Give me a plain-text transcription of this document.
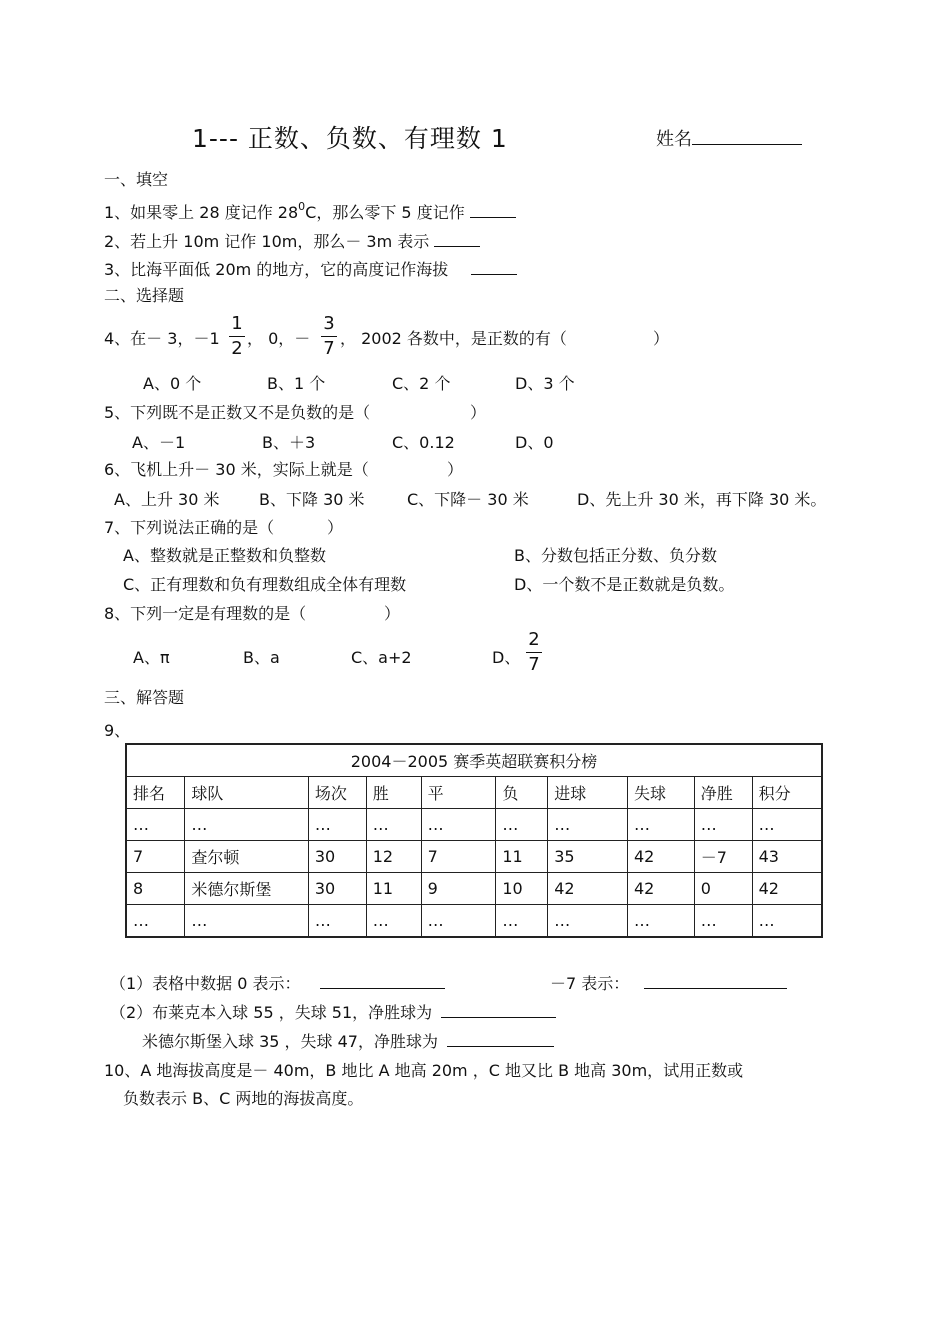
1--- 正数、负数、有理数 1	姓名
一、填空
1、如果零上 28 度记作 $28^0C$，那么零下 5 度记作
2、若上升 10m 记作 10m，那么－ 3m 表示
3、比海平面低 20m 的地方，它的高度记作海拔
二、选择题
4、在－ 3，－1
1
2 ， 0，－
3
7 ， 2002 各数中，是正数的有（	）
A、0 个	B、1 个	C、2 个	D、3 个
5、下列既不是正数又不是负数的是（	）
A、－1	B、＋3	C、0.12	D、0
6、飞机上升－ 30 米，实际上就是（	）
A、上升 30 米 B、下降 30 米	C、下降－ 30 米	D、先上升 30 米，再下降 30 米。
7、下列说法正确的是（	）
A、整数就是正整数和负整数	B、分数包括正分数、负分数
C、正有理数和负有理数组成全体有理数	D、一个数不是正数就是负数。
8、下列一定是有理数的是（	）
A、π	B、a	C、a+2	D、
2
7
三、解答题
9、
2004－2005 赛季英超联赛积分榜									
排名	球队	场次	胜	平	负	进球	失球	净胜	积分
…	…	…	…	…	…	…	…	…	…
7	查尔顿	30	12	7	11	35	42	－7	43
8	米德尔斯堡	30	11	9	10	42	42	0	42
…	…	…	…	…	…	…	…	…	…
（1）表格中数据 0 表示：	－7 表示：
（2）布莱克本入球 55 ，失球 51，净胜球为
米德尔斯堡入球 35 ，失球 47，净胜球为
10、A 地海拔高度是－ 40m，B 地比 A 地高 20m ，C 地又比 B 地高 30m，试用正数或
负数表示 B、C 两地的海拔高度。
